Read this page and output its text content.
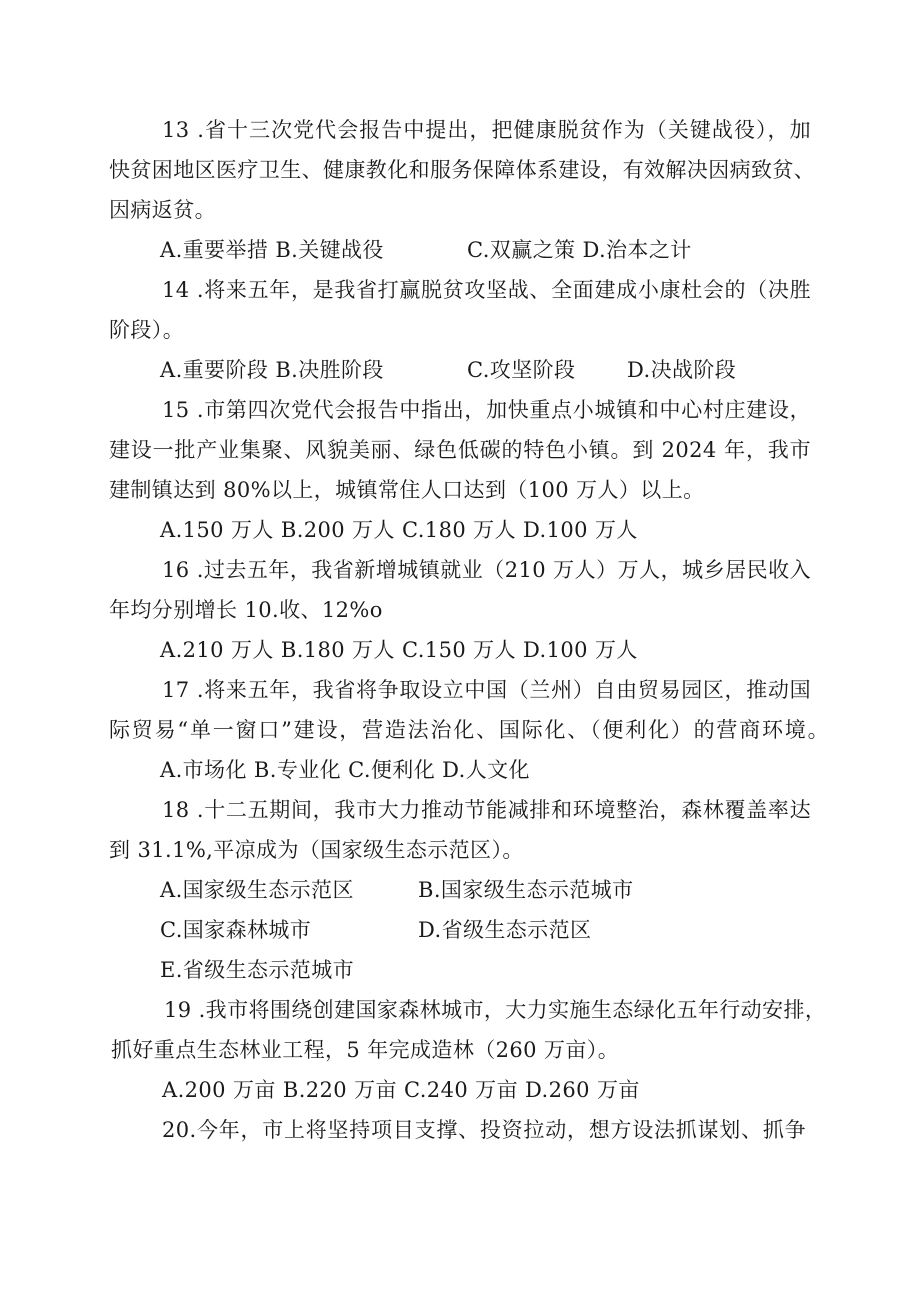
13 .省十三次党代会报告中提出，把健康脱贫作为（关键战役），加
快贫困地区医疗卫生、健康教化和服务保障体系建设，有效解决因病致贫、
因病返贫。
A.重要举措 B.关键战役	C.双赢之策 D.治本之计
14 .将来五年，是我省打赢脱贫攻坚战、全面建成小康杜会的（决胜
阶段）。
A.重要阶段 B.决胜阶段	C.攻坚阶段 D.决战阶段
15 .市第四次党代会报告中指出，加快重点小城镇和中心村庄建设，
建设一批产业集聚、风貌美丽、绿色低碳的特色小镇。到 2024 年，我市
建制镇达到 80%以上，城镇常住人口达到（100 万人）以上。
A.150 万人 B.200 万人 C.180 万人 D.100 万人
16 .过去五年，我省新增城镇就业（210 万人）万人，城乡居民收入
年均分别增长 10.收、12%o
A.210 万人 B.180 万人 C.150 万人 D.100 万人
17 .将来五年，我省将争取设立中国（兰州）自由贸易园区，推动国
际贸易“单一窗口”建设，营造法治化、国际化、（便利化）的营商环境。
A.市场化 B.专业化 C.便利化 D.人文化
18 .十二五期间，我市大力推动节能减排和环境整治，森林覆盖率达
到 31.1%,平凉成为（国家级生态示范区）。
A.国家级生态示范区	B.国家级生态示范城市
C.国家森林城市	D.省级生态示范区
E.省级生态示范城市
19 .我市将围绕创建国家森林城市，大力实施生态绿化五年行动安排，
抓好重点生态林业工程，5 年完成造林（260 万亩）。
A.200 万亩 B.220 万亩 C.240 万亩 D.260 万亩
20.今年，市上将坚持项目支撑、投资拉动，想方设法抓谋划、抓争
